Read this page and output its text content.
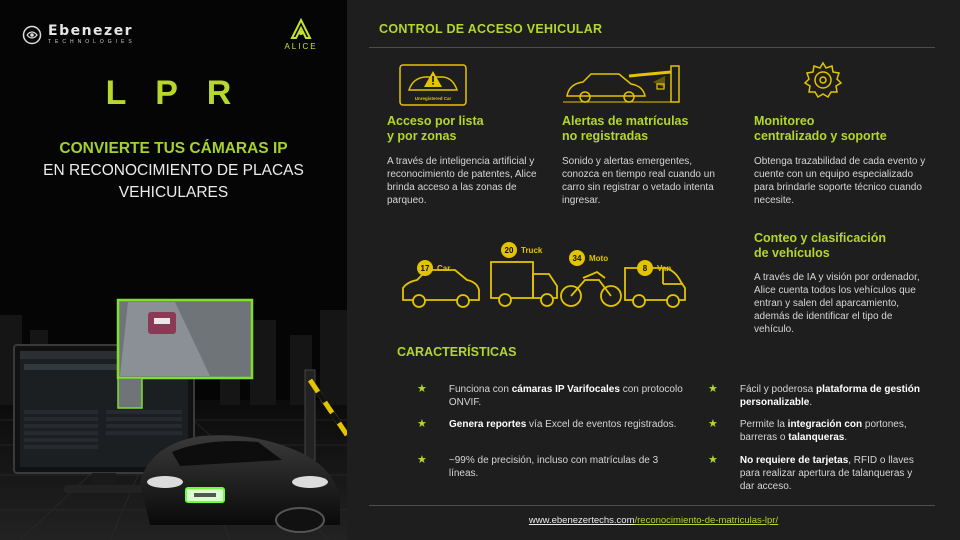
Ebenezer
TECHNOLOGIES	ALICE
L P R
CONVIERTE TUS CÁMARAS IP
EN RECONOCIMIENTO DE PLACAS
VEHICULARES
CONTROL DE ACCESO VEHICULAR
Unregistered Car
Acceso por lista
y por zonas
A través de inteligencia artificial y reconocimiento de patentes, Alice brinda acceso a las zonas de parqueo.
Alertas de matrículas
no registradas
Sonido y alertas emergentes, conozca en tiempo real cuando un carro sin registrar o vetado intenta ingresar.
Monitoreo
centralizado y soporte
Obtenga trazabilidad de cada evento y cuente con un equipo especializado para brindarle soporte técnico cuando necesite.
Conteo y clasificación
de vehículos
A través de IA y visión por ordenador, Alice cuenta todos los vehículos que entran y salen del aparcamiento, además de identificar el tipo de vehículo.
17 Car
20 Truck
34 Moto
8 Van
CARACTERÍSTICAS
★ Funciona con cámaras IP Varifocales con protocolo ONVIF.
★ Genera reportes vía Excel de eventos registrados.
★ ~99% de precisión, incluso con matrículas de 3 líneas.
★ Fácil y poderosa plataforma de gestión personalizable.
★ Permite la integración con portones, barreras o talanqueras.
★ No requiere de tarjetas, RFID o llaves para realizar apertura de talanqueras y dar acceso.
www.ebenezertechs.com/reconocimiento-de-matriculas-lpr/
